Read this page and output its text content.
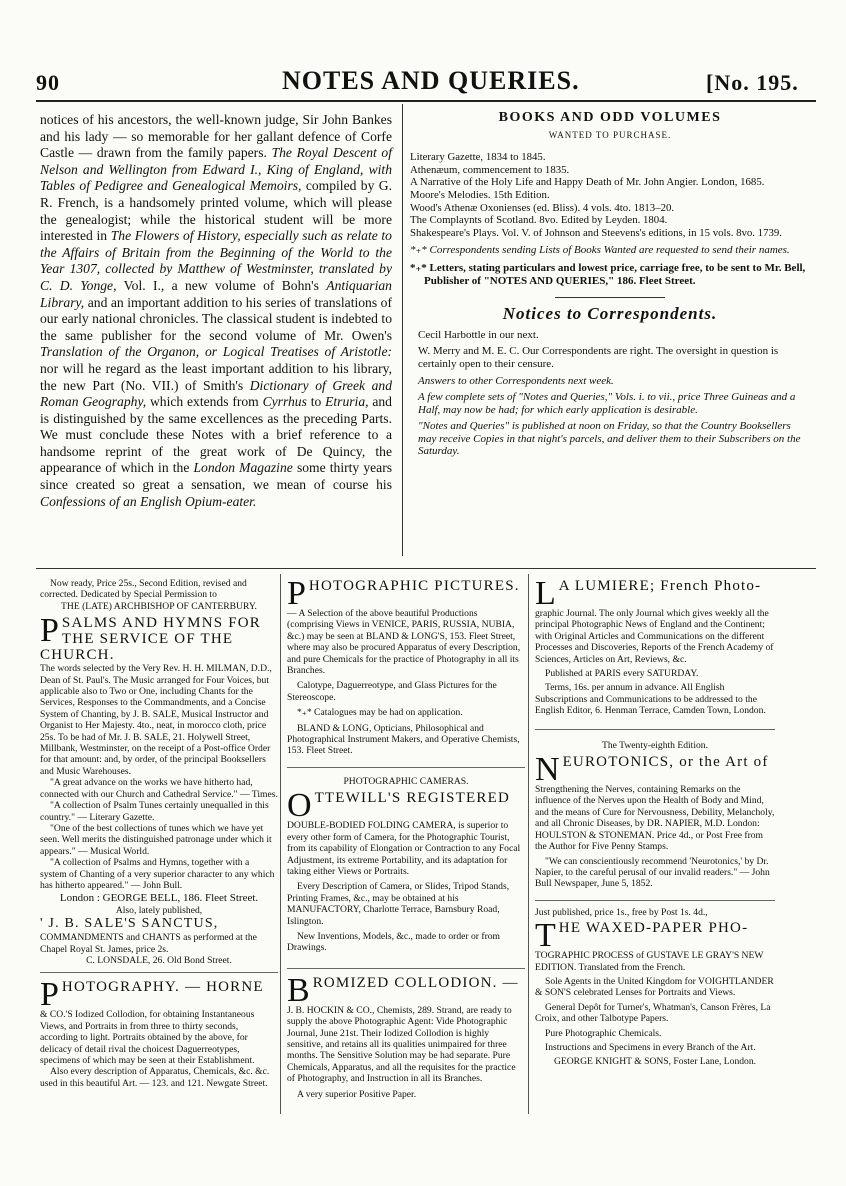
90	NOTES AND QUERIES.	[No. 195.

notices of his ancestors, the well-known judge, Sir John Bankes and his lady — so memorable for her gallant defence of Corfe Castle — drawn from the family papers. The Royal Descent of Nelson and Wellington from Edward I., King of England, with Tables of Pedigree and Genealogical Memoirs, compiled by G. R. French, is a handsomely printed volume, which will please the genealogist; while the historical student will be more interested in The Flowers of History, especially such as relate to the Affairs of Britain from the Beginning of the World to the Year 1307, collected by Matthew of Westminster, translated by C. D. Yonge, Vol. I., a new volume of Bohn's Antiquarian Library, and an important addition to his series of translations of our early national chronicles. The classical student is indebted to the same publisher for the second volume of Mr. Owen's Translation of the Organon, or Logical Treatises of Aristotle: nor will he regard as the least important addition to his library, the new Part (No. VII.) of Smith's Dictionary of Greek and Roman Geography, which extends from Cyrrhus to Etruria, and is distinguished by the same excellences as the preceding Parts. We must conclude these Notes with a brief reference to a handsome reprint of the great work of De Quincy, the appearance of which in the London Magazine some thirty years since created so great a sensation, we mean of course his Confessions of an English Opium-eater.

BOOKS AND ODD VOLUMES
WANTED TO PURCHASE.

Literary Gazette, 1834 to 1845.

Athenæum, commencement to 1835.

A Narrative of the Holy Life and Happy Death of Mr. John Angier. London, 1685.

Moore's Melodies. 15th Edition.

Wood's Athenæ Oxonienses (ed. Bliss). 4 vols. 4to. 1813–20.

The Complaynts of Scotland. 8vo. Edited by Leyden. 1804.

Shakespeare's Plays. Vol. V. of Johnson and Steevens's editions, in 15 vols. 8vo. 1739.

*₊* Correspondents sending Lists of Books Wanted are requested to send their names.

*₊* Letters, stating particulars and lowest price, carriage free, to be sent to Mr. Bell, Publisher of "NOTES AND QUERIES," 186. Fleet Street.

Notices to Correspondents.

Cecil Harbottle in our next.

W. Merry and M. E. C. Our Correspondents are right. The oversight in question is certainly open to their censure.

Answers to other Correspondents next week.

A few complete sets of "Notes and Queries," Vols. i. to vii., price Three Guineas and a Half, may now be had; for which early application is desirable.

"Notes and Queries" is published at noon on Friday, so that the Country Booksellers may receive Copies in that night's parcels, and deliver them to their Subscribers on the Saturday.

Now ready, Price 25s., Second Edition, revised and corrected. Dedicated by Special Permission to

THE (LATE) ARCHBISHOP OF CANTERBURY.

P SALMS AND HYMNS FOR THE SERVICE OF THE CHURCH.

The words selected by the Very Rev. H. H. MILMAN, D.D., Dean of St. Paul's. The Music arranged for Four Voices, but applicable also to Two or One, including Chants for the Services, Responses to the Commandments, and a Concise System of Chanting, by J. B. SALE, Musical Instructor and Organist to Her Majesty. 4to., neat, in morocco cloth, price 25s. To be had of Mr. J. B. SALE, 21. Holywell Street, Millbank, Westminster, on the receipt of a Post-office Order for that amount: and, by order, of the principal Booksellers and Music Warehouses.

"A great advance on the works we have hitherto had, connected with our Church and Cathedral Service." — Times.

"A collection of Psalm Tunes certainly unequalled in this country." — Literary Gazette.

"One of the best collections of tunes which we have yet seen. Well merits the distinguished patronage under which it appears." — Musical World.

"A collection of Psalms and Hymns, together with a system of Chanting of a very superior character to any which has hitherto appeared." — John Bull.

London : GEORGE BELL, 186. Fleet Street.

Also, lately published,

' J. B. SALE'S SANCTUS,

COMMANDMENTS and CHANTS as performed at the Chapel Royal St. James, price 2s.

C. LONSDALE, 26. Old Bond Street.

P HOTOGRAPHY. — HORNE

& CO.'S Iodized Collodion, for obtaining Instantaneous Views, and Portraits in from three to thirty seconds, according to light. Portraits obtained by the above, for delicacy of detail rival the choicest Daguerreotypes, specimens of which may be seen at their Establishment.

Also every description of Apparatus, Chemicals, &c. &c. used in this beautiful Art. — 123. and 121. Newgate Street.

P HOTOGRAPHIC PICTURES.

— A Selection of the above beautiful Productions (comprising Views in VENICE, PARIS, RUSSIA, NUBIA, &c.) may be seen at BLAND & LONG'S, 153. Fleet Street, where may also be procured Apparatus of every Description, and pure Chemicals for the practice of Photography in all its Branches.

Calotype, Daguerreotype, and Glass Pictures for the Stereoscope.

*₊* Catalogues may be had on application.

BLAND & LONG, Opticians, Philosophical and Photographical Instrument Makers, and Operative Chemists, 153. Fleet Street.

PHOTOGRAPHIC CAMERAS.

O TTEWILL'S REGISTERED

DOUBLE-BODIED FOLDING CAMERA, is superior to every other form of Camera, for the Photographic Tourist, from its capability of Elongation or Contraction to any Focal Adjustment, its extreme Portability, and its adaptation for taking either Views or Portraits.

Every Description of Camera, or Slides, Tripod Stands, Printing Frames, &c., may be obtained at his MANUFACTORY, Charlotte Terrace, Barnsbury Road, Islington.

New Inventions, Models, &c., made to order or from Drawings.

B ROMIZED COLLODION. —

J. B. HOCKIN & CO., Chemists, 289. Strand, are ready to supply the above Photographic Agent: Vide Photographic Journal, June 21st. Their Iodized Collodion is highly sensitive, and retains all its qualities unimpaired for three months. The Sensitive Solution may be had separate. Pure Chemicals, Apparatus, and all the requisites for the practice of Photography, and Instruction in all its Branches.

A very superior Positive Paper.

L A LUMIERE; French Photo-

graphic Journal. The only Journal which gives weekly all the principal Photographic News of England and the Continent; with Original Articles and Communications on the different Processes and Discoveries, Reports of the French Academy of Sciences, Articles on Art, Reviews, &c.

Published at PARIS every SATURDAY.

Terms, 16s. per annum in advance. All English Subscriptions and Communications to be addressed to the English Editor, 6. Henman Terrace, Camden Town, London.

The Twenty-eighth Edition.

N EUROTONICS, or the Art of

Strengthening the Nerves, containing Remarks on the influence of the Nerves upon the Health of Body and Mind, and the means of Cure for Nervousness, Debility, Melancholy, and all Chronic Diseases, by DR. NAPIER, M.D. London: HOULSTON & STONEMAN. Price 4d., or Post Free from the Author for Five Penny Stamps.

"We can conscientiously recommend 'Neurotonics,' by Dr. Napier, to the careful perusal of our invalid readers." — John Bull Newspaper, June 5, 1852.

Just published, price 1s., free by Post 1s. 4d.,

T HE WAXED-PAPER PHO-

TOGRAPHIC PROCESS of GUSTAVE LE GRAY'S NEW EDITION. Translated from the French.

Sole Agents in the United Kingdom for VOIGHTLANDER & SON'S celebrated Lenses for Portraits and Views.

General Depôt for Turner's, Whatman's, Canson Frères, La Croix, and other Talbotype Papers.

Pure Photographic Chemicals.

Instructions and Specimens in every Branch of the Art.

GEORGE KNIGHT & SONS, Foster Lane, London.
